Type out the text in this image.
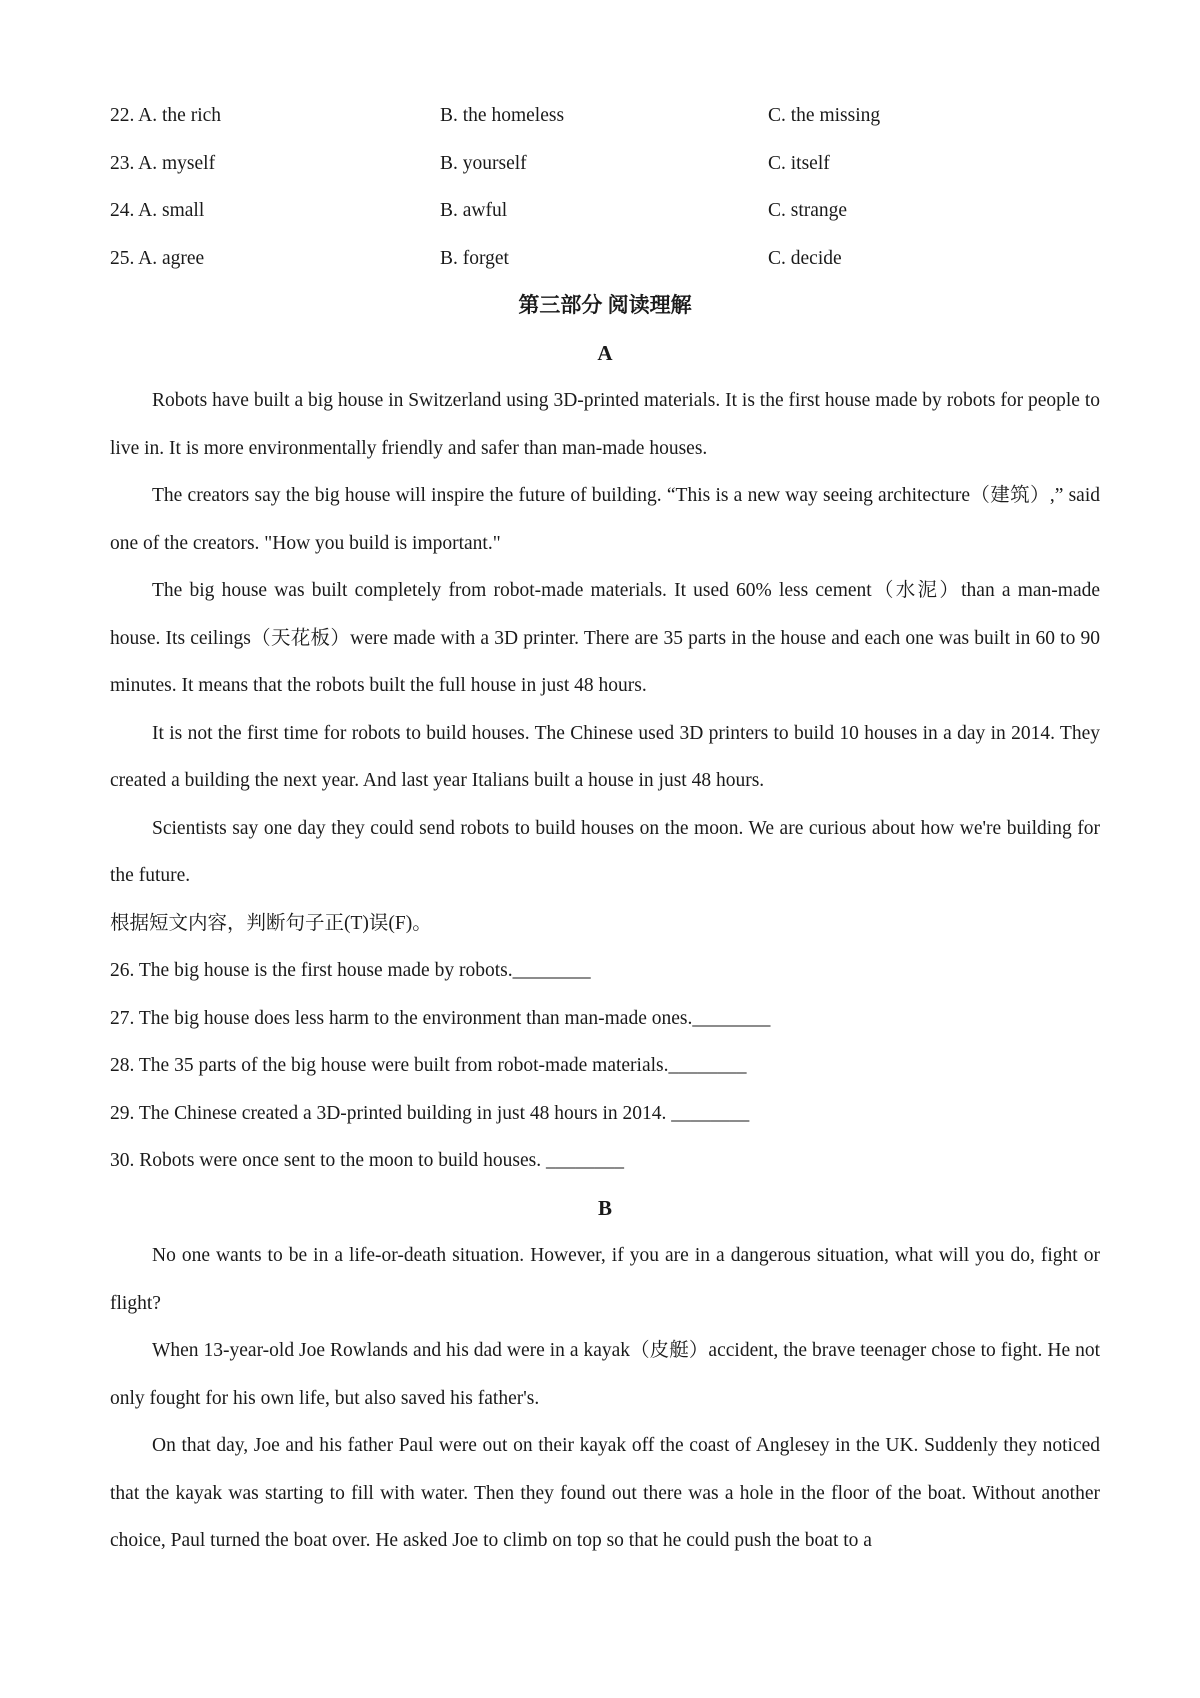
22. A. the rich	B. the homeless	C. the missing
23. A. myself	B. yourself	C. itself
24. A. small	B. awful	C. strange
25. A. agree	B. forget	C. decide
第三部分 阅读理解
A

Robots have built a big house in Switzerland using 3D-printed materials. It is the first house made by robots for people to live in. It is more environmentally friendly and safer than man-made houses.

The creators say the big house will inspire the future of building. “This is a new way seeing architecture（建筑）,” said one of the creators. "How you build is important."

The big house was built completely from robot-made materials. It used 60% less cement（水泥）than a man-made house. Its ceilings（天花板）were made with a 3D printer. There are 35 parts in the house and each one was built in 60 to 90 minutes. It means that the robots built the full house in just 48 hours.

It is not the first time for robots to build houses. The Chinese used 3D printers to build 10 houses in a day in 2014. They created a building the next year. And last year Italians built a house in just 48 hours.

Scientists say one day they could send robots to build houses on the moon. We are curious about how we're building for the future.

根据短文内容，判断句子正(T)误(F)。

26. The big house is the first house made by robots.________

27. The big house does less harm to the environment than man-made ones.________

28. The 35 parts of the big house were built from robot-made materials.________

29. The Chinese created a 3D-printed building in just 48 hours in 2014. ________

30. Robots were once sent to the moon to build houses. ________

B

No one wants to be in a life-or-death situation. However, if you are in a dangerous situation, what will you do, fight or flight?

When 13-year-old Joe Rowlands and his dad were in a kayak（皮艇）accident, the brave teenager chose to fight. He not only fought for his own life, but also saved his father's.

On that day, Joe and his father Paul were out on their kayak off the coast of Anglesey in the UK. Suddenly they noticed that the kayak was starting to fill with water. Then they found out there was a hole in the floor of the boat. Without another choice, Paul turned the boat over. He asked Joe to climb on top so that he could push the boat to a
